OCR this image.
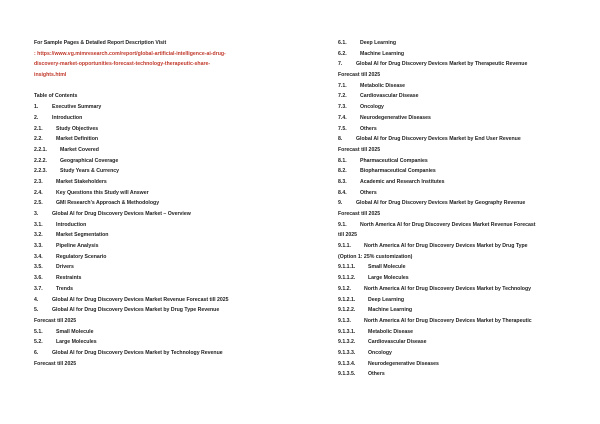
For Sample Pages & Detailed Report Description Visit
: https://www.vg.mimresearch.com/report/global-artificial-intelligence-ai-drug-
discovery-market-opportunities-forecast-technology-therapeutic-share-
insights.html
Table of Contents
1.	Executive Summary
2.	Introduction
2.1.	Study Objectives
2.2.	Market Definition
2.2.1.	Market Covered
2.2.2.	Geographical Coverage
2.2.3.	Study Years & Currency
2.3.	Market Stakeholders
2.4.	Key Questions this Study will Answer
2.5.	GMI Research's Approach & Methodology
3.	Global AI for Drug Discovery Devices Market – Overview
3.1.	Introduction
3.2.	Market Segmentation
3.3.	Pipeline Analysis
3.4.	Regulatory Scenario
3.5.	Drivers
3.6.	Restraints
3.7.	Trends
4.	Global AI for Drug Discovery Devices Market Revenue Forecast till 2025
5.	Global AI for Drug Discovery Devices Market by Drug Type Revenue
Forecast till 2025
5.1.	Small Molecule
5.2.	Large Molecules
6.	Global AI for Drug Discovery Devices Market by Technology Revenue
Forecast till 2025
6.1.	Deep Learning
6.2.	Machine Learning
7.	Global AI for Drug Discovery Devices Market by Therapeutic Revenue
Forecast till 2025
7.1.	Metabolic Disease
7.2.	Cardiovascular Disease
7.3.	Oncology
7.4.	Neurodegenerative Diseases
7.5.	Others
8.	Global AI for Drug Discovery Devices Market by End User Revenue
Forecast till 2025
8.1.	Pharmaceutical Companies
8.2.	Biopharmaceutical Companies
8.3.	Academic and Research Institutes
8.4.	Others
9.	Global AI for Drug Discovery Devices Market by Geography Revenue
Forecast till 2025
9.1.	North America AI for Drug Discovery Devices Market Revenue Forecast
till 2025
9.1.1.	North America AI for Drug Discovery Devices Market by Drug Type
(Option 1: 25% customization)
9.1.1.1. Small Molecule
9.1.1.2. Large Molecules
9.1.2.	North America AI for Drug Discovery Devices Market by Technology
9.1.2.1. Deep Learning
9.1.2.2. Machine Learning
9.1.3.	North America AI for Drug Discovery Devices Market by Therapeutic
9.1.3.1. Metabolic Disease
9.1.3.2. Cardiovascular Disease
9.1.3.3. Oncology
9.1.3.4. Neurodegenerative Diseases
9.1.3.5. Others
